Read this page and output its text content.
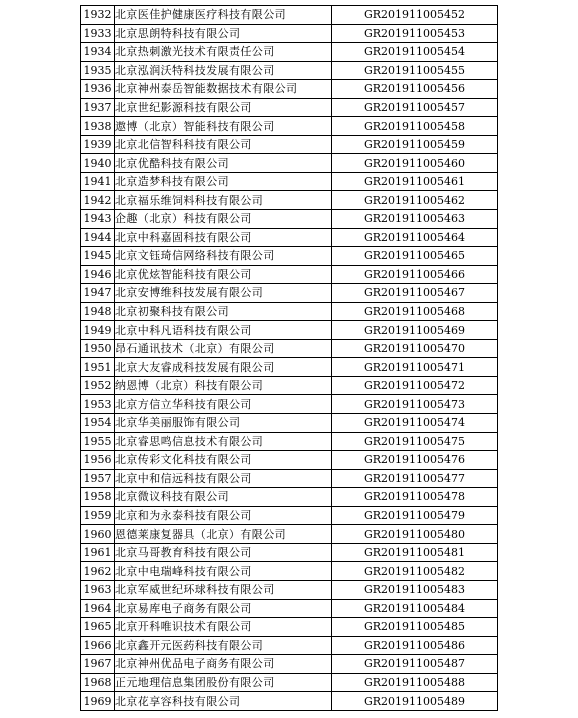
1932	北京医佳护健康医疗科技有限公司	GR201911005452
1933	北京思朗特科技有限公司	GR201911005453
1934	北京热刺激光技术有限责任公司	GR201911005454
1935	北京泓润沃特科技发展有限公司	GR201911005455
1936	北京神州泰岳智能数据技术有限公司	GR201911005456
1937	北京世纪影源科技有限公司	GR201911005457
1938	遨博（北京）智能科技有限公司	GR201911005458
1939	北京北信智科科技有限公司	GR201911005459
1940	北京优酷科技有限公司	GR201911005460
1941	北京造梦科技有限公司	GR201911005461
1942	北京福乐维饲料科技有限公司	GR201911005462
1943	企趣（北京）科技有限公司	GR201911005463
1944	北京中科嘉固科技有限公司	GR201911005464
1945	北京文钰琦信网络科技有限公司	GR201911005465
1946	北京优炫智能科技有限公司	GR201911005466
1947	北京安博维科技发展有限公司	GR201911005467
1948	北京初聚科技有限公司	GR201911005468
1949	北京中科凡语科技有限公司	GR201911005469
1950	昂石通讯技术（北京）有限公司	GR201911005470
1951	北京大友睿成科技发展有限公司	GR201911005471
1952	纳恩博（北京）科技有限公司	GR201911005472
1953	北京方信立华科技有限公司	GR201911005473
1954	北京华美丽服饰有限公司	GR201911005474
1955	北京睿思鸣信息技术有限公司	GR201911005475
1956	北京传彩文化科技有限公司	GR201911005476
1957	北京中和信远科技有限公司	GR201911005477
1958	北京微议科技有限公司	GR201911005478
1959	北京和为永泰科技有限公司	GR201911005479
1960	恩德莱康复器具（北京）有限公司	GR201911005480
1961	北京马哥教育科技有限公司	GR201911005481
1962	北京中电瑞峰科技有限公司	GR201911005482
1963	北京军威世纪环球科技有限公司	GR201911005483
1964	北京易库电子商务有限公司	GR201911005484
1965	北京开科唯识技术有限公司	GR201911005485
1966	北京鑫开元医药科技有限公司	GR201911005486
1967	北京神州优品电子商务有限公司	GR201911005487
1968	正元地理信息集团股份有限公司	GR201911005488
1969	北京花享容科技有限公司	GR201911005489
